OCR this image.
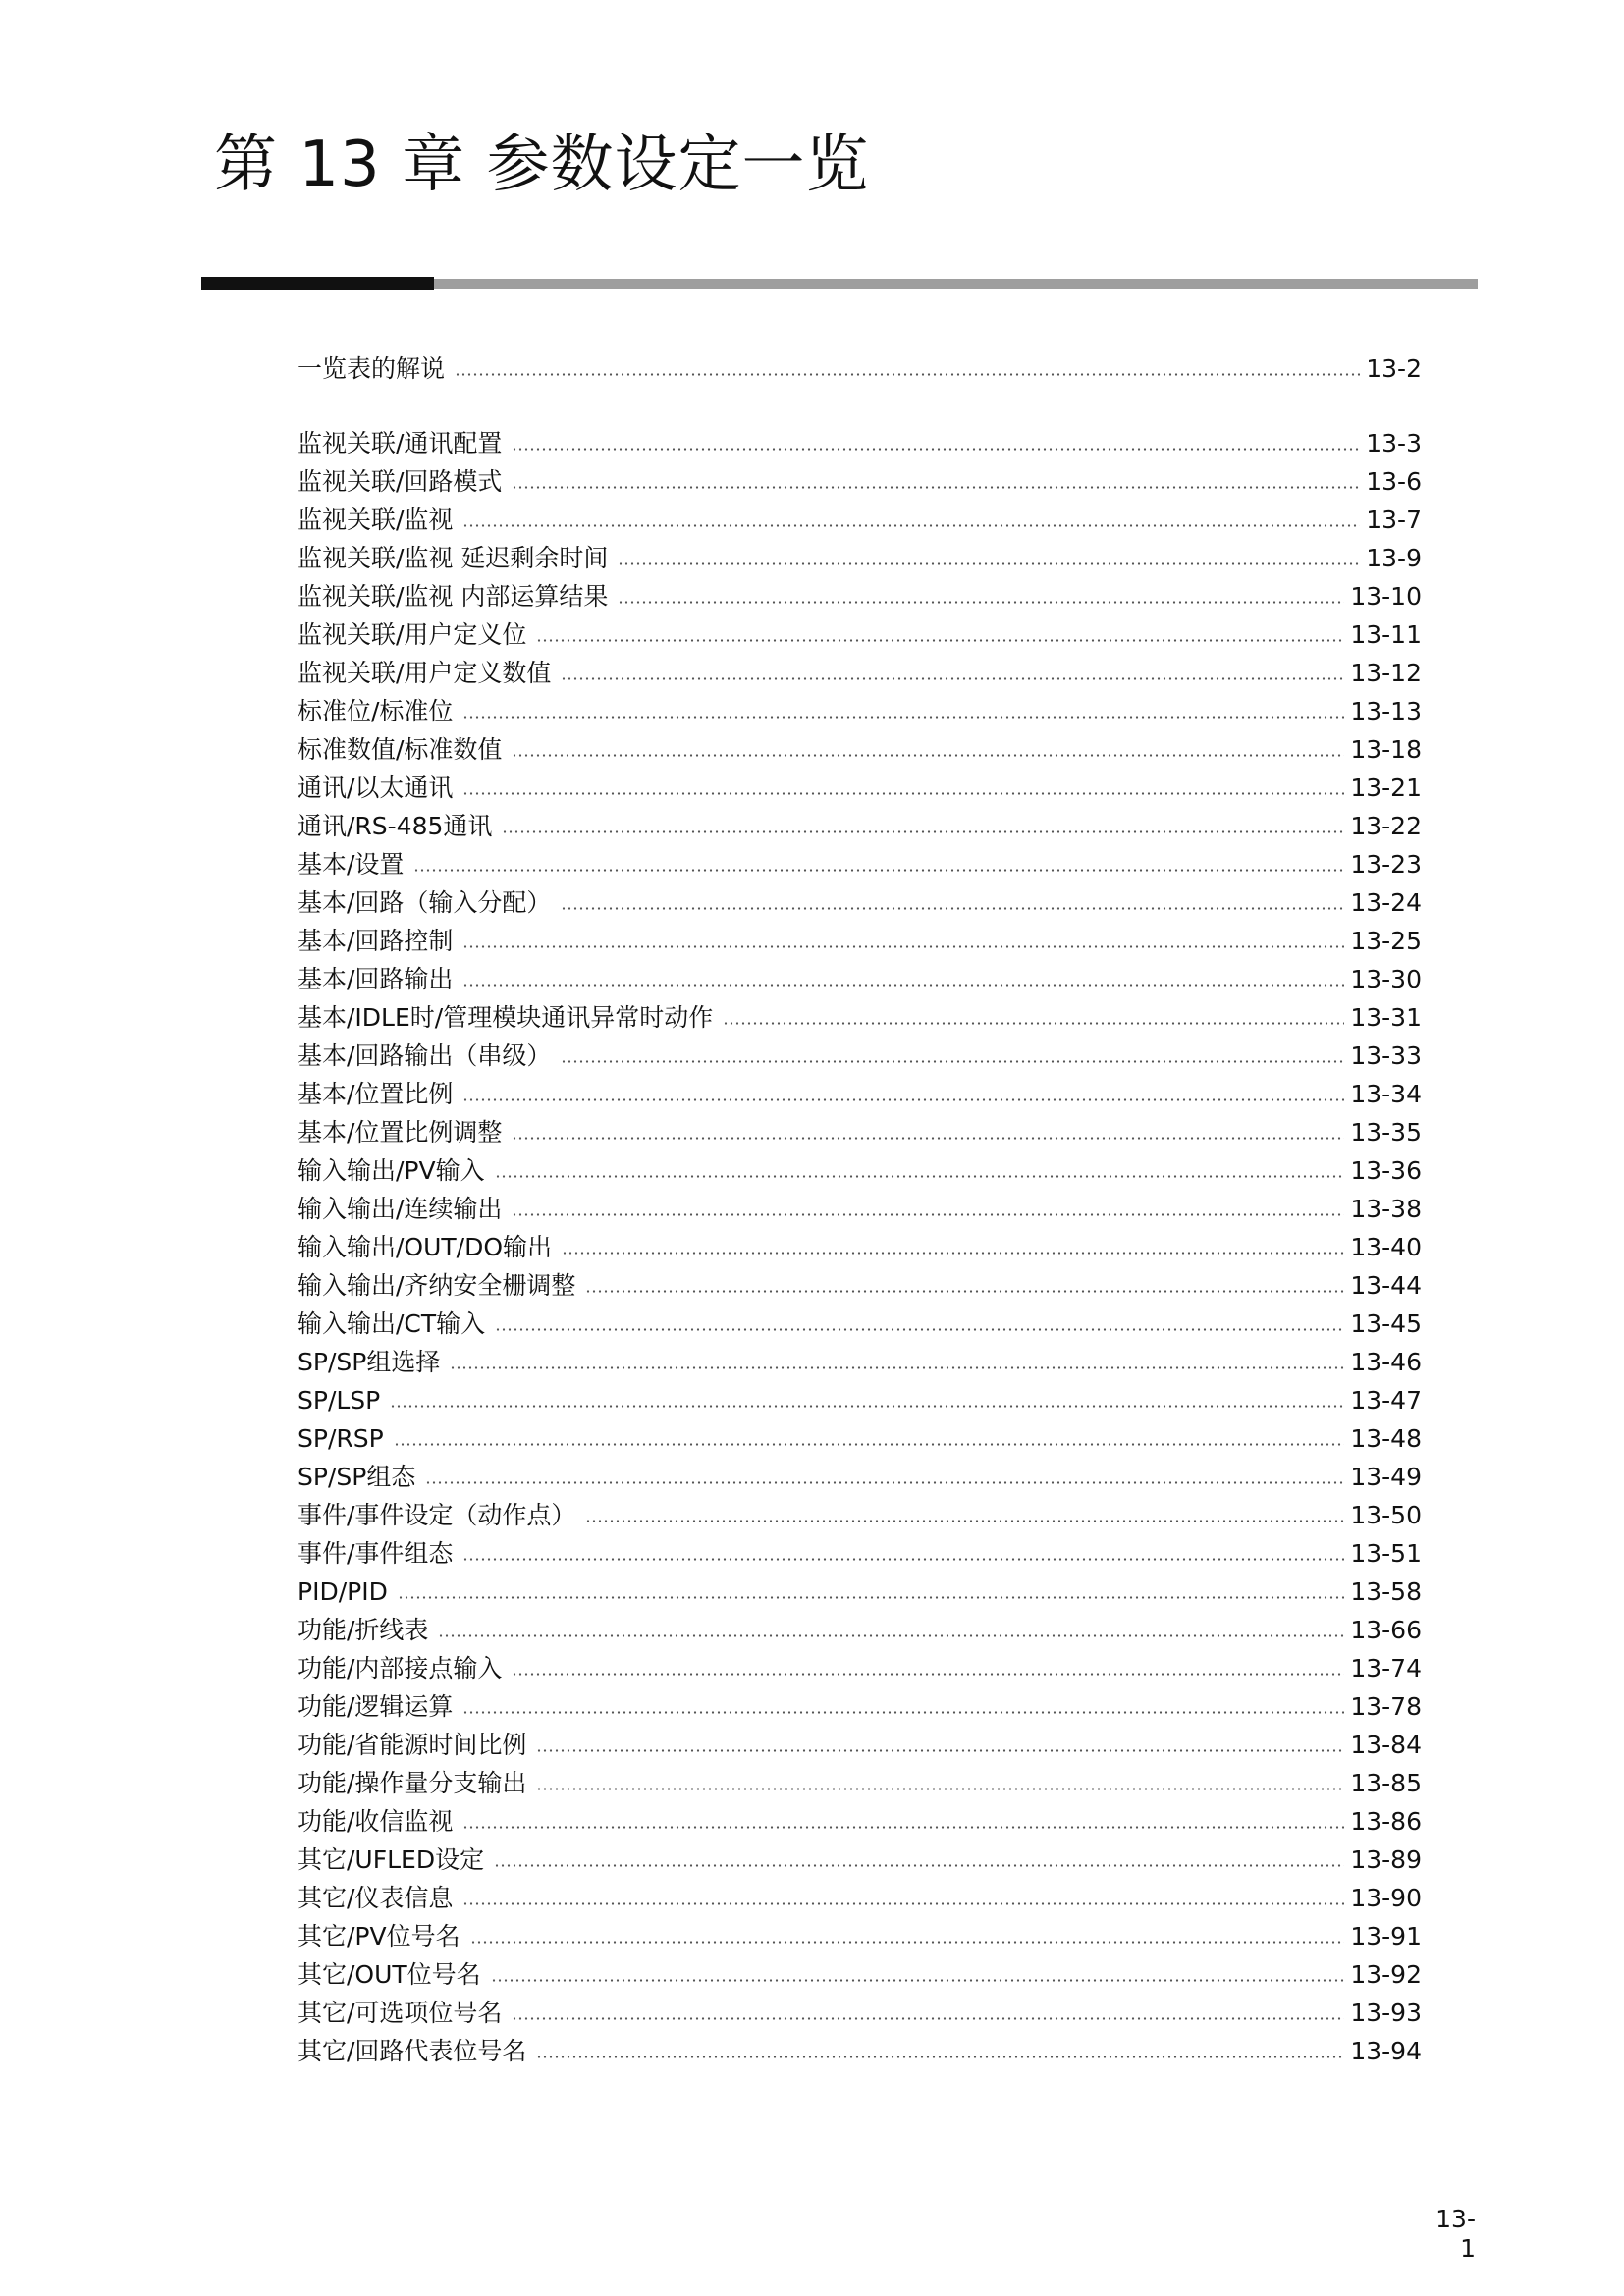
第 13 章 参数设定一览
一览表的解说	13-2
监视关联/通讯配置	13-3
监视关联/回路模式	13-6
监视关联/监视	13-7
监视关联/监视 延迟剩余时间	13-9
监视关联/监视 内部运算结果	13-10
监视关联/用户定义位	13-11
监视关联/用户定义数值	13-12
标准位/标准位	13-13
标准数值/标准数值	13-18
通讯/以太通讯	13-21
通讯/RS-485通讯	13-22
基本/设置	13-23
基本/回路（输入分配）	13-24
基本/回路控制	13-25
基本/回路输出	13-30
基本/IDLE时/管理模块通讯异常时动作	13-31
基本/回路输出（串级）	13-33
基本/位置比例	13-34
基本/位置比例调整	13-35
输入输出/PV输入	13-36
输入输出/连续输出	13-38
输入输出/OUT/DO输出	13-40
输入输出/齐纳安全栅调整	13-44
输入输出/CT输入	13-45
SP/SP组选择	13-46
SP/LSP	13-47
SP/RSP	13-48
SP/SP组态	13-49
事件/事件设定（动作点）	13-50
事件/事件组态	13-51
PID/PID	13-58
功能/折线表	13-66
功能/内部接点输入	13-74
功能/逻辑运算	13-78
功能/省能源时间比例	13-84
功能/操作量分支输出	13-85
功能/收信监视	13-86
其它/UFLED设定	13-89
其它/仪表信息	13-90
其它/PV位号名	13-91
其它/OUT位号名	13-92
其它/可选项位号名	13-93
其它/回路代表位号名	13-94
13-1
